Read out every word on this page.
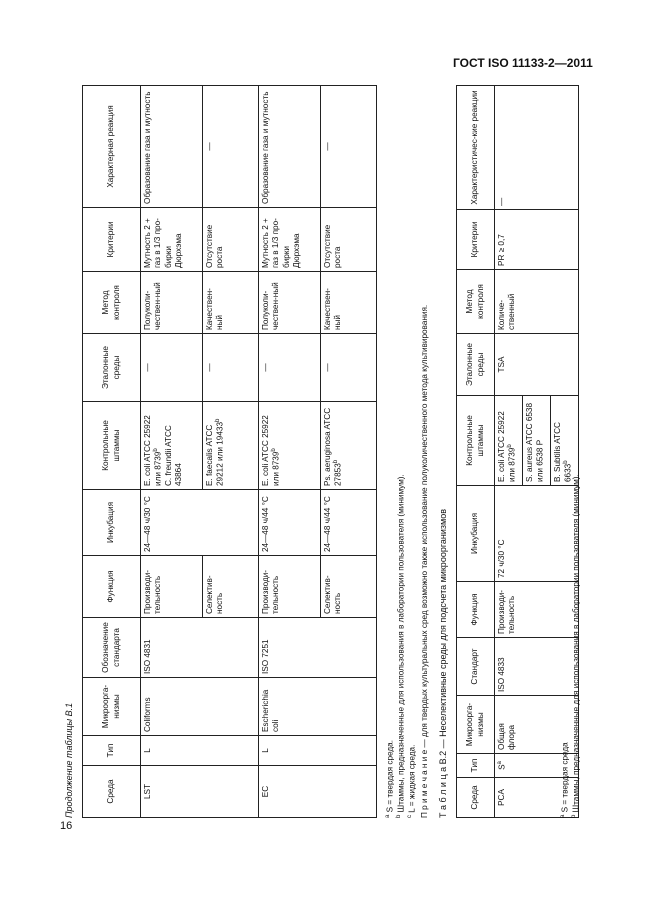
ГОСТ ISO 11133-2—2011
Продолжение таблицы B.1	Среда	Тип	Микроорга-низмы	Обозначение стандарта	Функция	Инкубация	Контрольные штаммы	Эталонные среды	Метод контроля	Критерии	Характерная реакция
LST	L	Coliforms	ISO 4831	Производи-тельность	24—48 ч/30 °C	E. coli ATCC 25922 или 8739$^b$ C. freundii ATCC 43864	—	Полуколи-чествен-ный	Мутность 2 + газ в 1/3 про-бирки Дюрхэма	Образование газа и мутность
				Селектив-ность		E. faecalis ATCC 29212 или 19433$^b$	—	Качествен-ный	Отсутствие роста	—
EC	L	Escherichia coli	ISO 7251	Производи-тельность	24—48 ч/44 °C	E. coli ATCC 25922 или 8739$^b$	—	Полуколи-чествен-ный	Мутность 2 + газ в 1/3 про-бирки Дюрхэма	Образование газа и мутность
				Селектив-ность	24—48 ч/44 °C	Ps. aeruginosa ATCC 27853$^b$	—	Качествен-ный	Отсутствие роста	—
$^a$ S = твердая среда.
$^b$ Штаммы, предназначенные для использования в лаборатории пользователя (минимум).
$^c$ L = жидкая среда. П р и м е ч а н и е — для твердых культуральных сред возможно также использование полуколичественного метода культивирования. Т а б л и ц а В.2 — Неселективные среды для подсчета микроорганизмов	Среда	Тип	Микроорга-низмы	Стандарт	Функция	Инкубация	Контрольные штаммы	Эталонные среды	Метод контроля	Критерии	Характеристичес-кие реакции
PCA	$S^a$	Общая флора	ISO 4833	Производи-тельность	72 ч/30 °C	E. coli ATCC 25922 или 8739$^b$	TSA	Количе-ственный	PR ≥ 0,7	—
						S. aureus ATCC 6538 или 6538 P				
						B. Subtilis ATCC 6633$^b$
$^a$ S = твердая среда
$^b$ Штаммы, предназначенные для использования в лаборатории пользователя (минимум).
16
